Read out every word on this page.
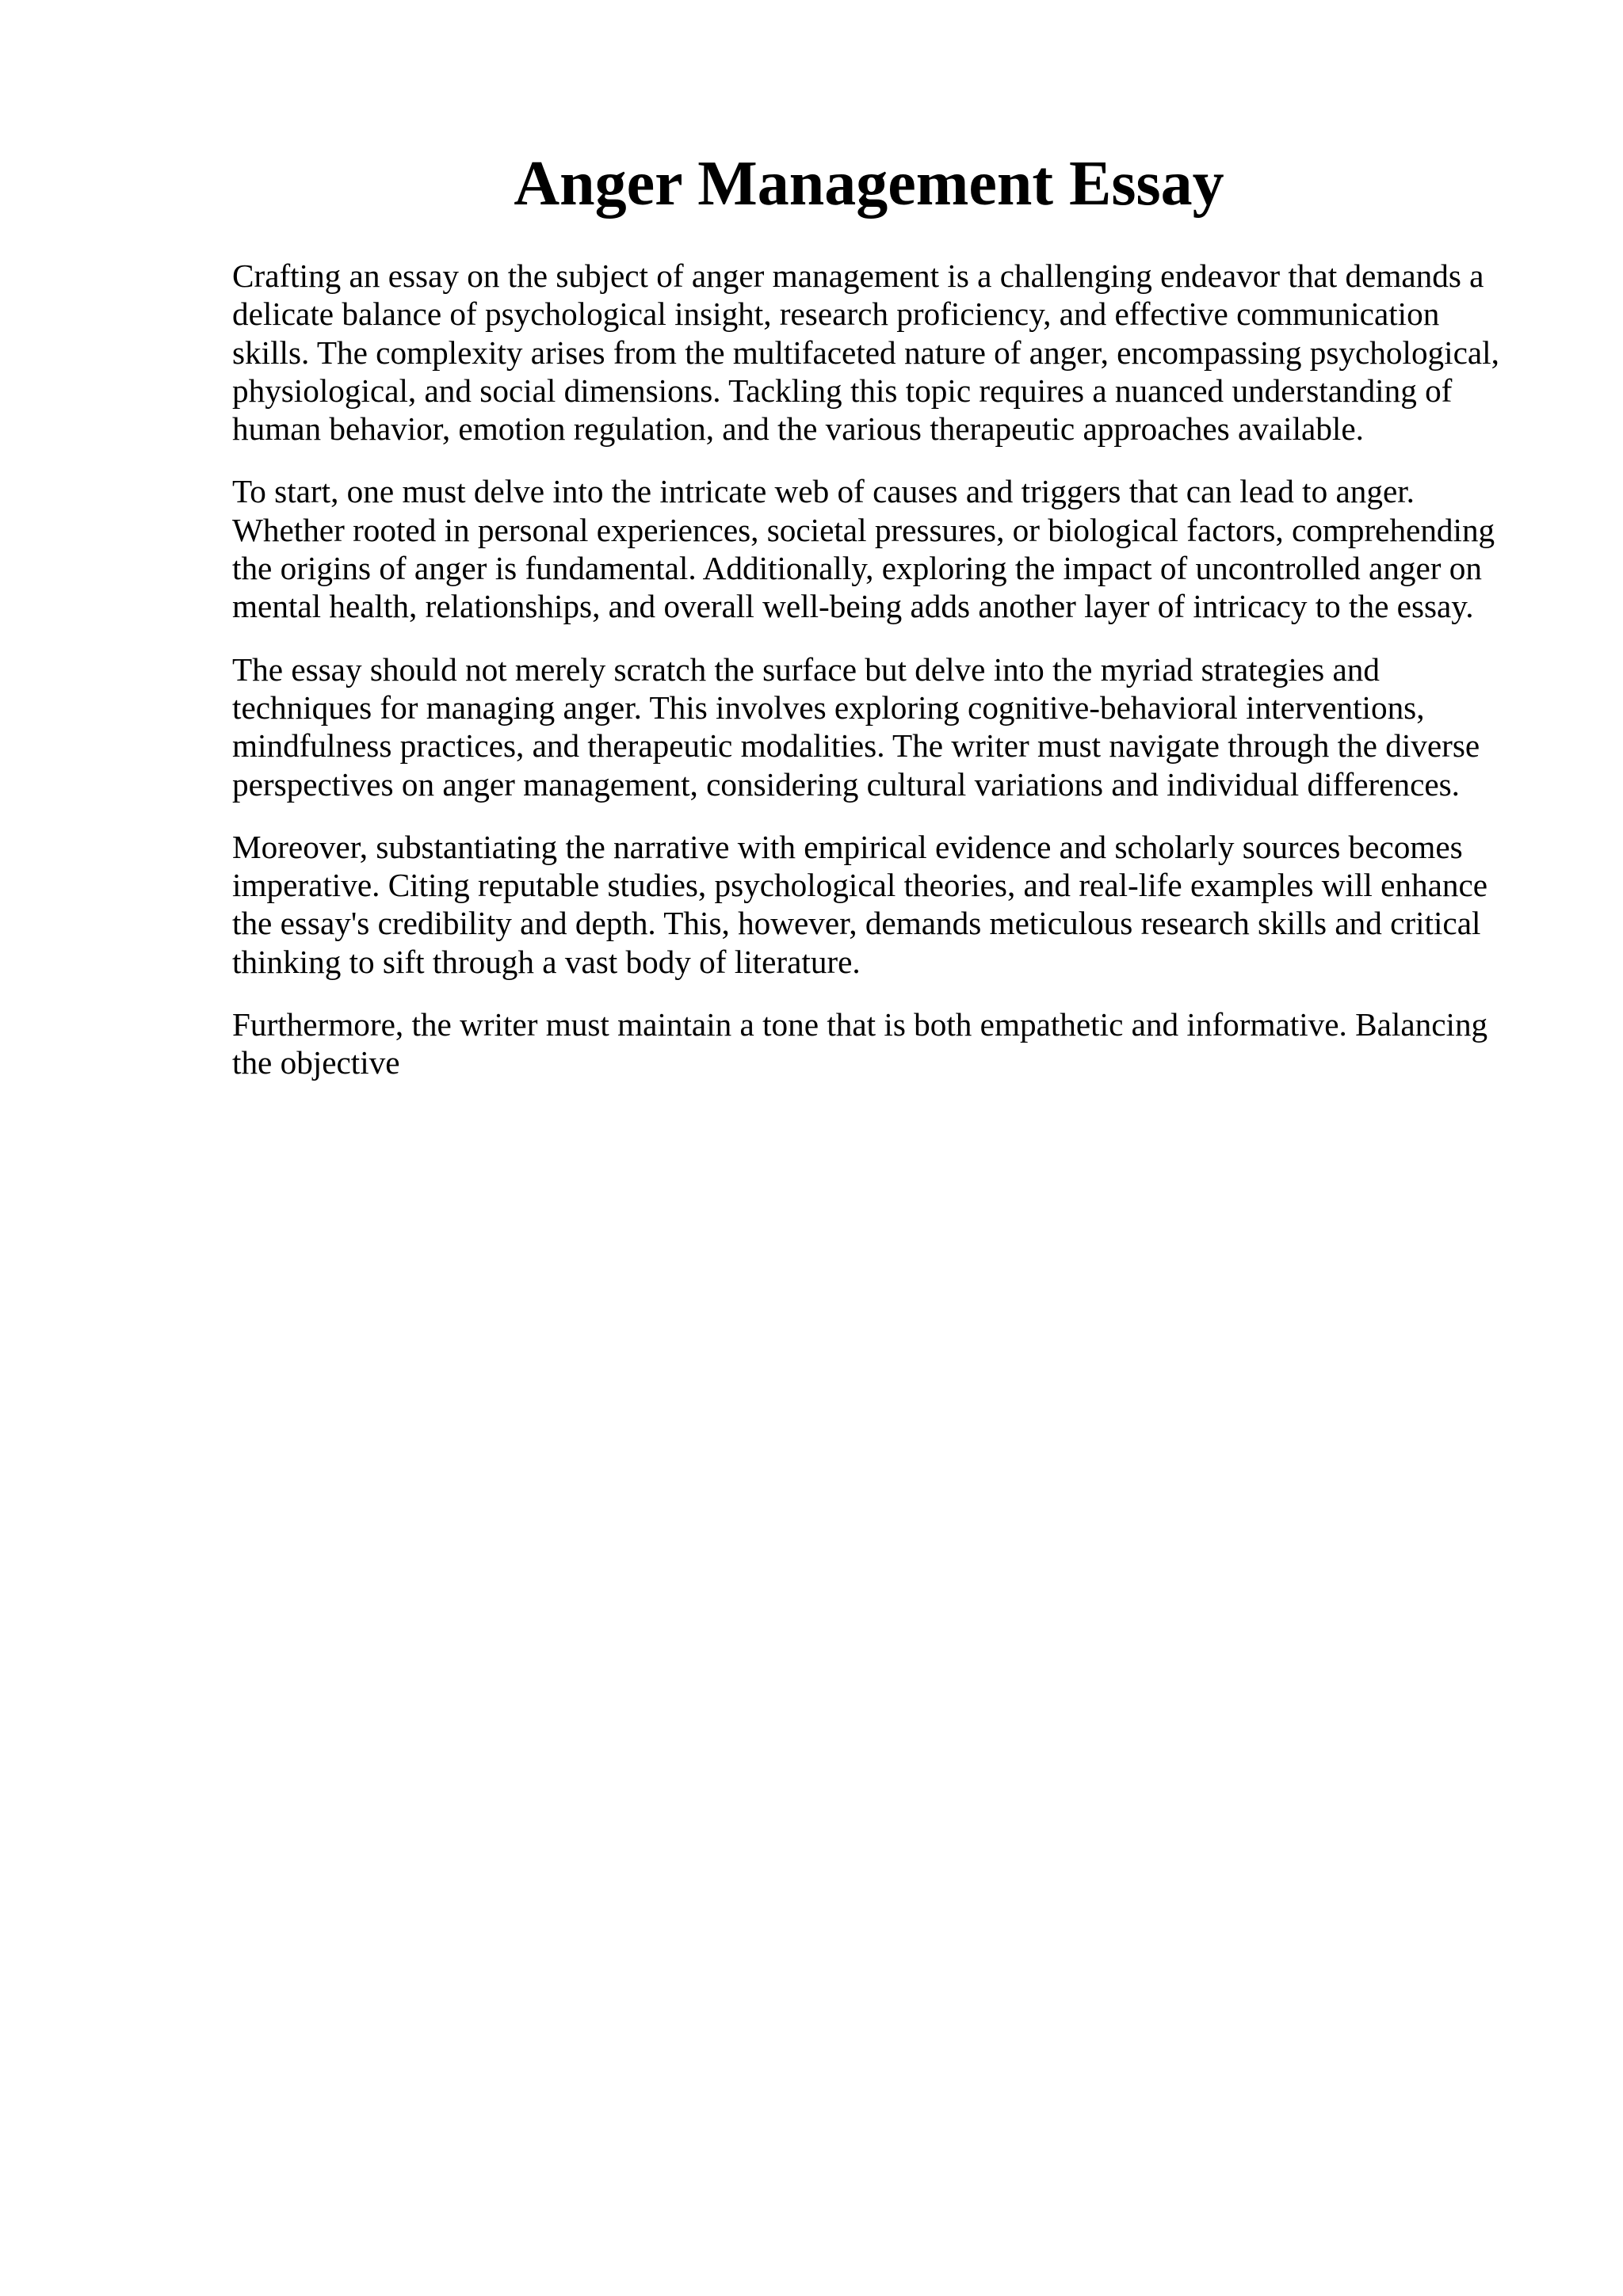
Anger Management Essay

Crafting an essay on the subject of anger management is a challenging endeavor that demands a
delicate balance of psychological insight, research proficiency, and effective communication
skills. The complexity arises from the multifaceted nature of anger, encompassing psychological,
physiological, and social dimensions. Tackling this topic requires a nuanced understanding of
human behavior, emotion regulation, and the various therapeutic approaches available.

To start, one must delve into the intricate web of causes and triggers that can lead to anger.
Whether rooted in personal experiences, societal pressures, or biological factors, comprehending
the origins of anger is fundamental. Additionally, exploring the impact of uncontrolled anger on
mental health, relationships, and overall well-being adds another layer of intricacy to the essay.

The essay should not merely scratch the surface but delve into the myriad strategies and
techniques for managing anger. This involves exploring cognitive-behavioral interventions,
mindfulness practices, and therapeutic modalities. The writer must navigate through the diverse
perspectives on anger management, considering cultural variations and individual differences.

Moreover, substantiating the narrative with empirical evidence and scholarly sources becomes
imperative. Citing reputable studies, psychological theories, and real-life examples will enhance
the essay's credibility and depth. This, however, demands meticulous research skills and critical
thinking to sift through a vast body of literature.

Furthermore, the writer must maintain a tone that is both empathetic and informative. Balancing
the objective
